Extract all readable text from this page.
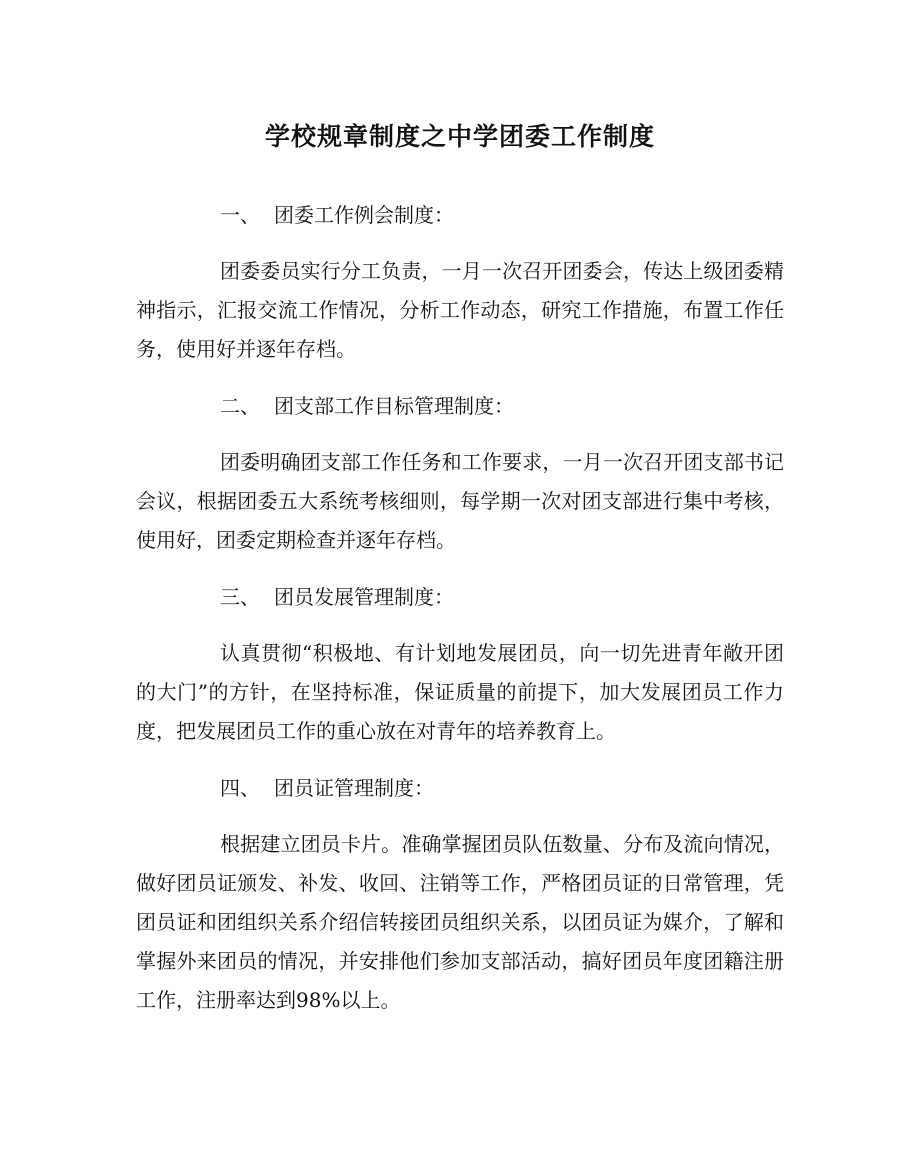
学校规章制度之中学团委工作制度
一、 团委工作例会制度：

团委委员实行分工负责，一月一次召开团委会，传达上级团委精神指示，汇报交流工作情况，分析工作动态，研究工作措施，布置工作任务，使用好并逐年存档。

二、 团支部工作目标管理制度：

团委明确团支部工作任务和工作要求，一月一次召开团支部书记会议，根据团委五大系统考核细则，每学期一次对团支部进行集中考核，使用好，团委定期检查并逐年存档。

三、 团员发展管理制度：

认真贯彻“积极地、有计划地发展团员，向一切先进青年敞开团的大门”的方针，在坚持标准，保证质量的前提下，加大发展团员工作力度，把发展团员工作的重心放在对青年的培养教育上。

四、 团员证管理制度：

根据建立团员卡片。准确掌握团员队伍数量、分布及流向情况，做好团员证颁发、补发、收回、注销等工作，严格团员证的日常管理，凭团员证和团组织关系介绍信转接团员组织关系，以团员证为媒介，了解和掌握外来团员的情况，并安排他们参加支部活动，搞好团员年度团籍注册工作，注册率达到98%以上。
